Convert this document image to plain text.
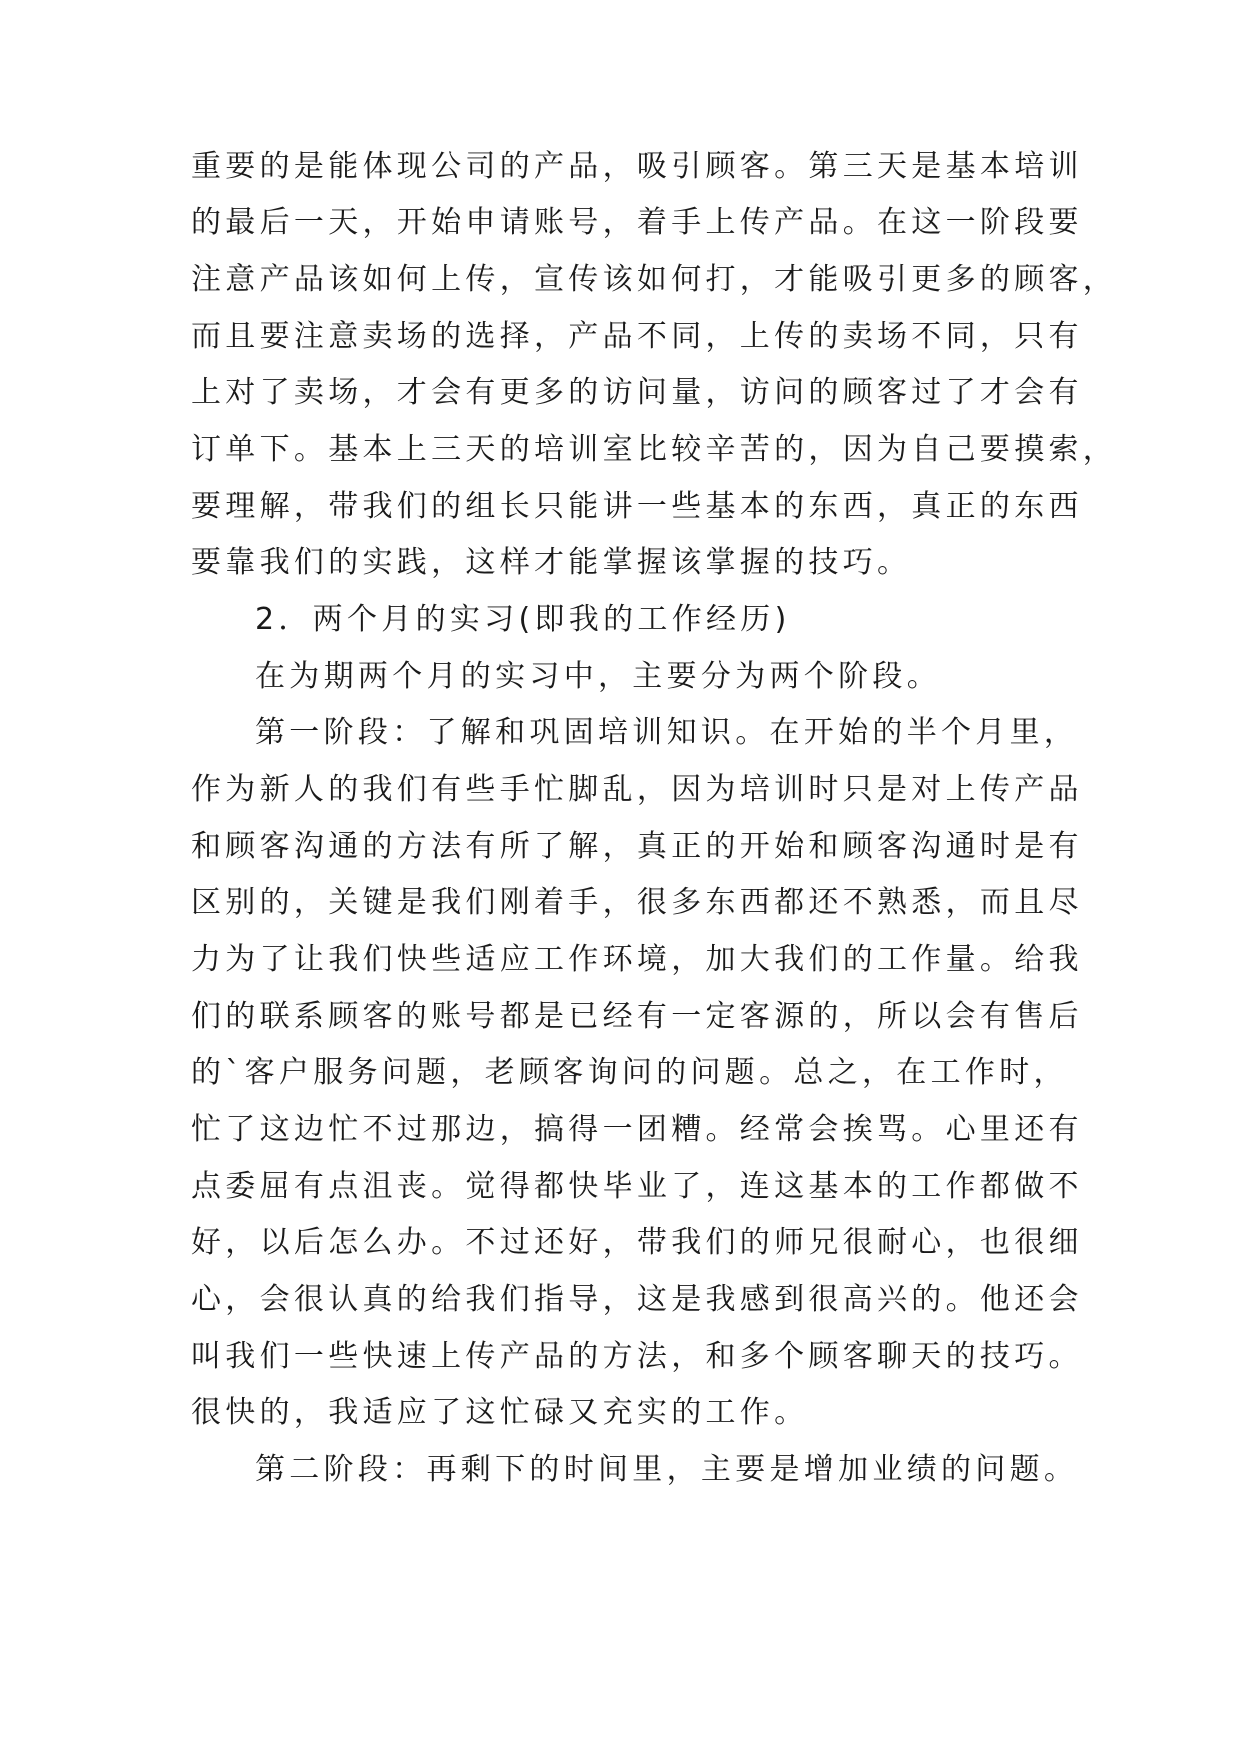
重要的是能体现公司的产品，吸引顾客。第三天是基本培训
的最后一天，开始申请账号，着手上传产品。在这一阶段要
注意产品该如何上传，宣传该如何打，才能吸引更多的顾客，
而且要注意卖场的选择，产品不同，上传的卖场不同，只有
上对了卖场，才会有更多的访问量，访问的顾客过了才会有
订单下。基本上三天的培训室比较辛苦的，因为自己要摸索，
要理解，带我们的组长只能讲一些基本的东西，真正的东西
要靠我们的实践，这样才能掌握该掌握的技巧。
2．两个月的实习(即我的工作经历)
在为期两个月的实习中，主要分为两个阶段。
第一阶段：了解和巩固培训知识。在开始的半个月里，
作为新人的我们有些手忙脚乱，因为培训时只是对上传产品
和顾客沟通的方法有所了解，真正的开始和顾客沟通时是有
区别的，关键是我们刚着手，很多东西都还不熟悉，而且尽
力为了让我们快些适应工作环境，加大我们的工作量。给我
们的联系顾客的账号都是已经有一定客源的，所以会有售后
的`客户服务问题，老顾客询问的问题。总之，在工作时，
忙了这边忙不过那边，搞得一团糟。经常会挨骂。心里还有
点委屈有点沮丧。觉得都快毕业了，连这基本的工作都做不
好，以后怎么办。不过还好，带我们的师兄很耐心，也很细
心，会很认真的给我们指导，这是我感到很高兴的。他还会
叫我们一些快速上传产品的方法，和多个顾客聊天的技巧。
很快的，我适应了这忙碌又充实的工作。
第二阶段：再剩下的时间里，主要是增加业绩的问题。
